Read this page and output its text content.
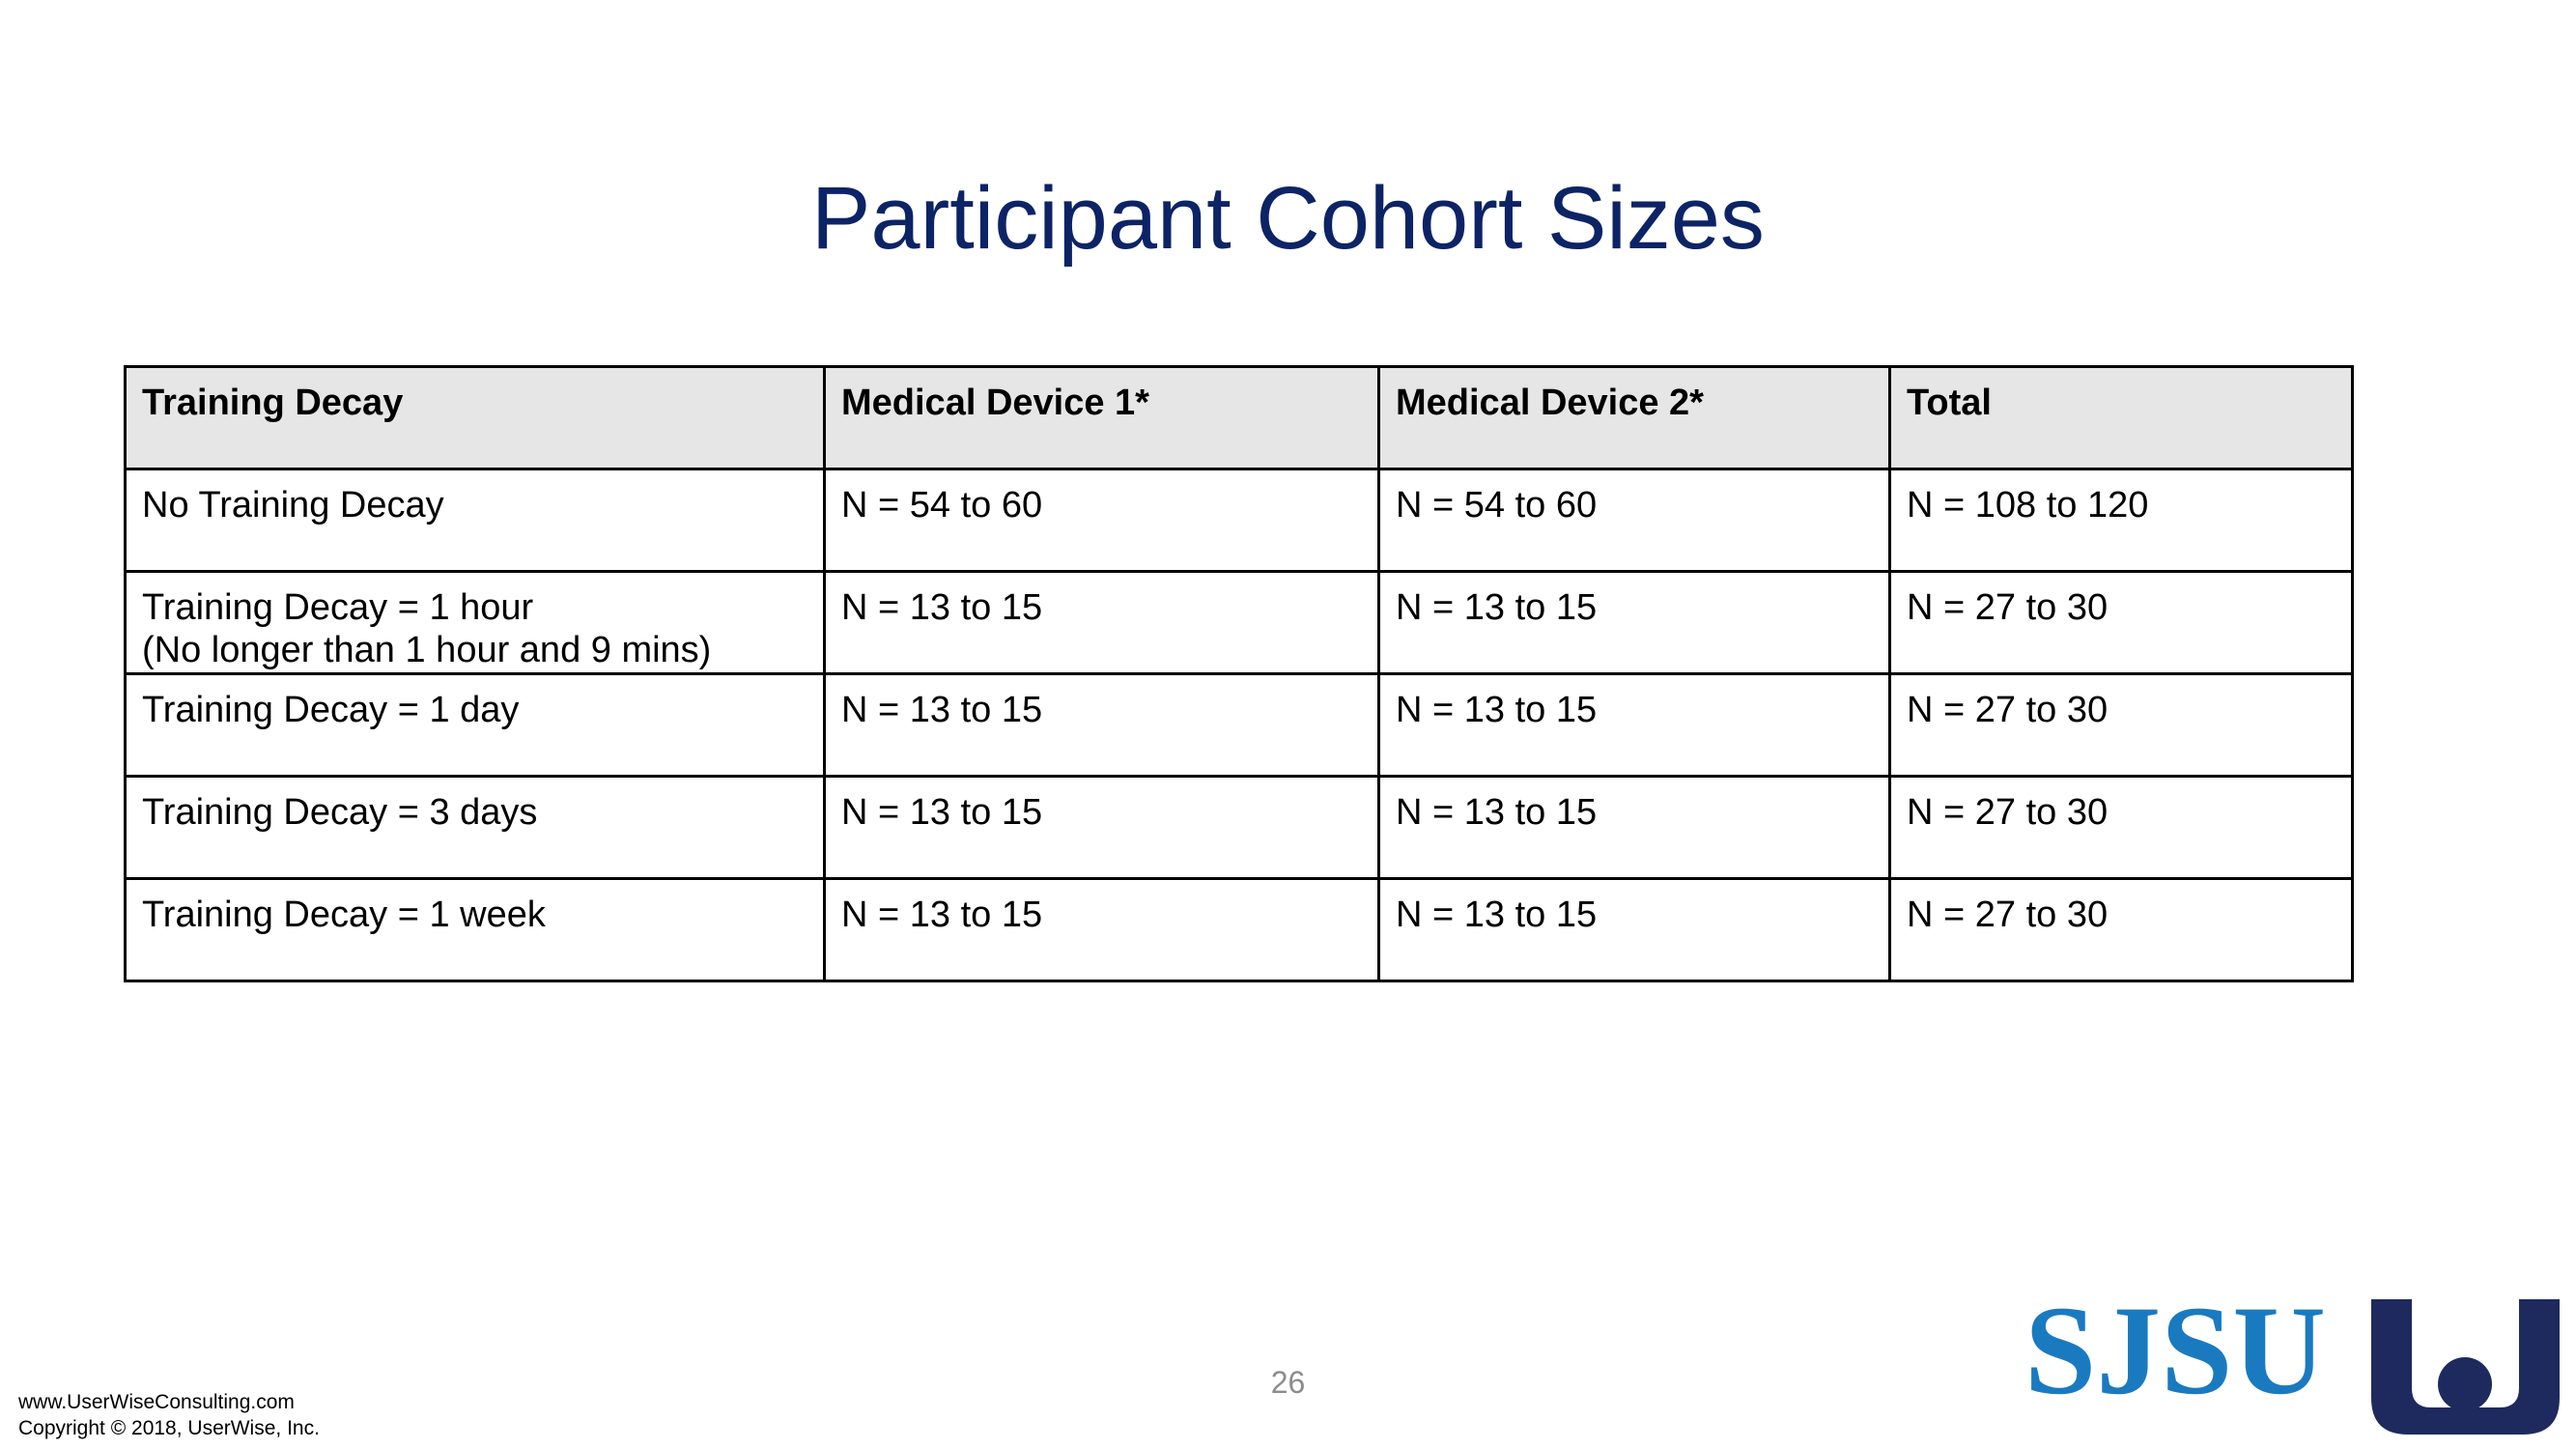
Participant Cohort Sizes
Training Decay	Medical Device 1*	Medical Device 2*	Total

No Training Decay	N = 54 to 60	N = 54 to 60	N = 108 to 120

Training Decay = 1 hour
(No longer than 1 hour and 9 mins)	N = 13 to 15	N = 13 to 15	N = 27 to 30

Training Decay = 1 day	N = 13 to 15	N = 13 to 15	N = 27 to 30

Training Decay = 3 days	N = 13 to 15	N = 13 to 15	N = 27 to 30

Training Decay = 1 week	N = 13 to 15	N = 13 to 15	N = 27 to 30
26
www.UserWiseConsulting.com
Copyright © 2018, UserWise, Inc.
SJSU
